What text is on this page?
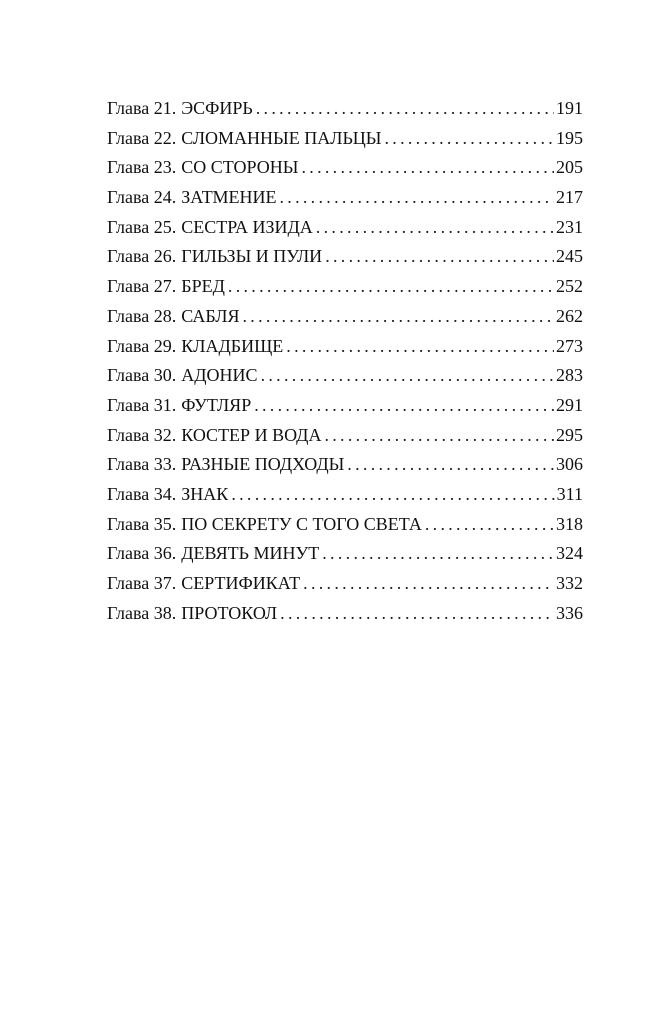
Глава 21. ЭСФИРЬ . . .	191
Глава 22. СЛОМАННЫЕ ПАЛЬЦЫ . . .	195
Глава 23. СО СТОРОНЫ . . .	205
Глава 24. ЗАТМЕНИЕ . . .	217
Глава 25. СЕСТРА ИЗИДА . . .	231
Глава 26. ГИЛЬЗЫ И ПУЛИ . . .	245
Глава 27. БРЕД . . .	252
Глава 28. САБЛЯ . . .	262
Глава 29. КЛАДБИЩЕ . . .	273
Глава 30. АДОНИС . . .	283
Глава 31. ФУТЛЯР . . .	291
Глава 32. КОСТЕР И ВОДА . . .	295
Глава 33. РАЗНЫЕ ПОДХОДЫ . . .	306
Глава 34. ЗНАК . . .	311
Глава 35. ПО СЕКРЕТУ С ТОГО СВЕТА . . .	318
Глава 36. ДЕВЯТЬ МИНУТ . . .	324
Глава 37. СЕРТИФИКАТ . . .	332
Глава 38. ПРОТОКОЛ . . .	336
